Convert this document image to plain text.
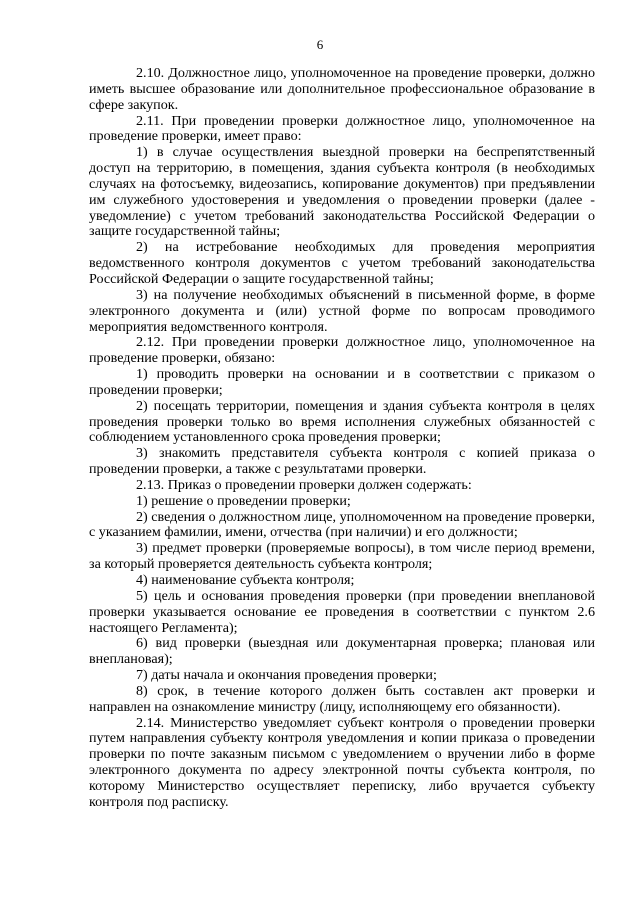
6

2.10. Должностное лицо, уполномоченное на проведение проверки, должно иметь высшее образование или дополнительное профессиональное образование в сфере закупок.

2.11. При проведении проверки должностное лицо, уполномоченное на проведение проверки, имеет право:

1) в случае осуществления выездной проверки на беспрепятственный доступ на территорию, в помещения, здания субъекта контроля (в необходимых случаях на фотосъемку, видеозапись, копирование документов) при предъявлении им служебного удостоверения и уведомления о проведении проверки (далее - уведомление) с учетом требований законодательства Российской Федерации о защите государственной тайны;

2) на истребование необходимых для проведения мероприятия ведомственного контроля документов с учетом требований законодательства Российской Федерации о защите государственной тайны;

3) на получение необходимых объяснений в письменной форме, в форме электронного документа и (или) устной форме по вопросам проводимого мероприятия ведомственного контроля.

2.12. При проведении проверки должностное лицо, уполномоченное на проведение проверки, обязано:

1) проводить проверки на основании и в соответствии с приказом о проведении проверки;

2) посещать территории, помещения и здания субъекта контроля в целях проведения проверки только во время исполнения служебных обязанностей с соблюдением установленного срока проведения проверки;

3) знакомить представителя субъекта контроля с копией приказа о проведении проверки, а также с результатами проверки.

2.13. Приказ о проведении проверки должен содержать:

1) решение о проведении проверки;

2) сведения о должностном лице, уполномоченном на проведение проверки, с указанием фамилии, имени, отчества (при наличии) и его должности;

3) предмет проверки (проверяемые вопросы), в том числе период времени, за который проверяется деятельность субъекта контроля;

4) наименование субъекта контроля;

5) цель и основания проведения проверки (при проведении внеплановой проверки указывается основание ее проведения в соответствии с пунктом 2.6 настоящего Регламента);

6) вид проверки (выездная или документарная проверка; плановая или внеплановая);

7) даты начала и окончания проведения проверки;

8) срок, в течение которого должен быть составлен акт проверки и направлен на ознакомление министру (лицу, исполняющему его обязанности).

2.14. Министерство уведомляет субъект контроля о проведении проверки путем направления субъекту контроля уведомления и копии приказа о проведении проверки по почте заказным письмом с уведомлением о вручении либо в форме электронного документа по адресу электронной почты субъекта контроля, по которому Министерство осуществляет переписку, либо вручается субъекту контроля под расписку.
